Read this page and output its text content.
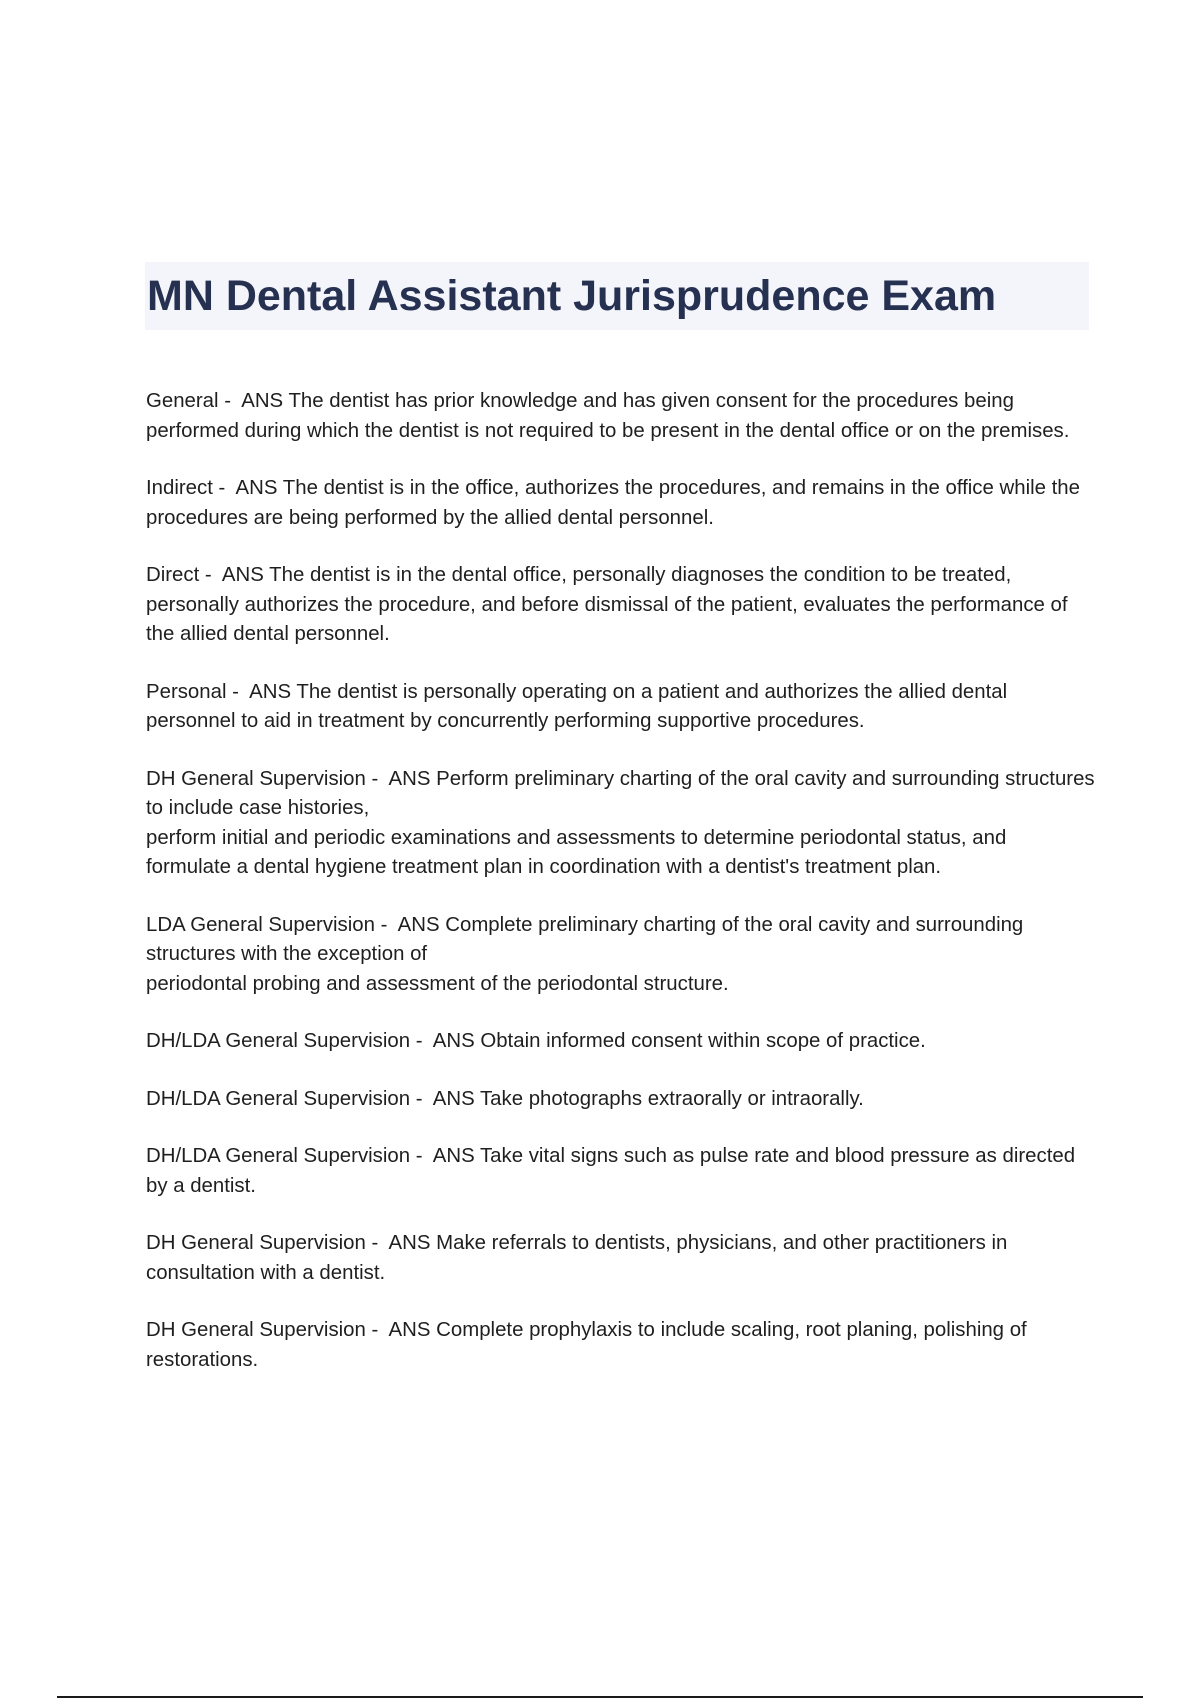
MN Dental Assistant Jurisprudence Exam

General - ANS The dentist has prior knowledge and has given consent for the procedures being performed during which the dentist is not required to be present in the dental office or on the premises.

Indirect - ANS The dentist is in the office, authorizes the procedures, and remains in the office while the procedures are being performed by the allied dental personnel.

Direct - ANS The dentist is in the dental office, personally diagnoses the condition to be treated, personally authorizes the procedure, and before dismissal of the patient, evaluates the performance of the allied dental personnel.

Personal - ANS The dentist is personally operating on a patient and authorizes the allied dental personnel to aid in treatment by concurrently performing supportive procedures.

DH General Supervision - ANS Perform preliminary charting of the oral cavity and surrounding structures to include case histories,
perform initial and periodic examinations and assessments to determine periodontal status, and formulate a dental hygiene treatment plan in coordination with a dentist's treatment plan.

LDA General Supervision - ANS Complete preliminary charting of the oral cavity and surrounding structures with the exception of
periodontal probing and assessment of the periodontal structure.

DH/LDA General Supervision - ANS Obtain informed consent within scope of practice.

DH/LDA General Supervision - ANS Take photographs extraorally or intraorally.

DH/LDA General Supervision - ANS Take vital signs such as pulse rate and blood pressure as directed by a dentist.

DH General Supervision - ANS Make referrals to dentists, physicians, and other practitioners in consultation with a dentist.

DH General Supervision - ANS Complete prophylaxis to include scaling, root planing, polishing of restorations.
